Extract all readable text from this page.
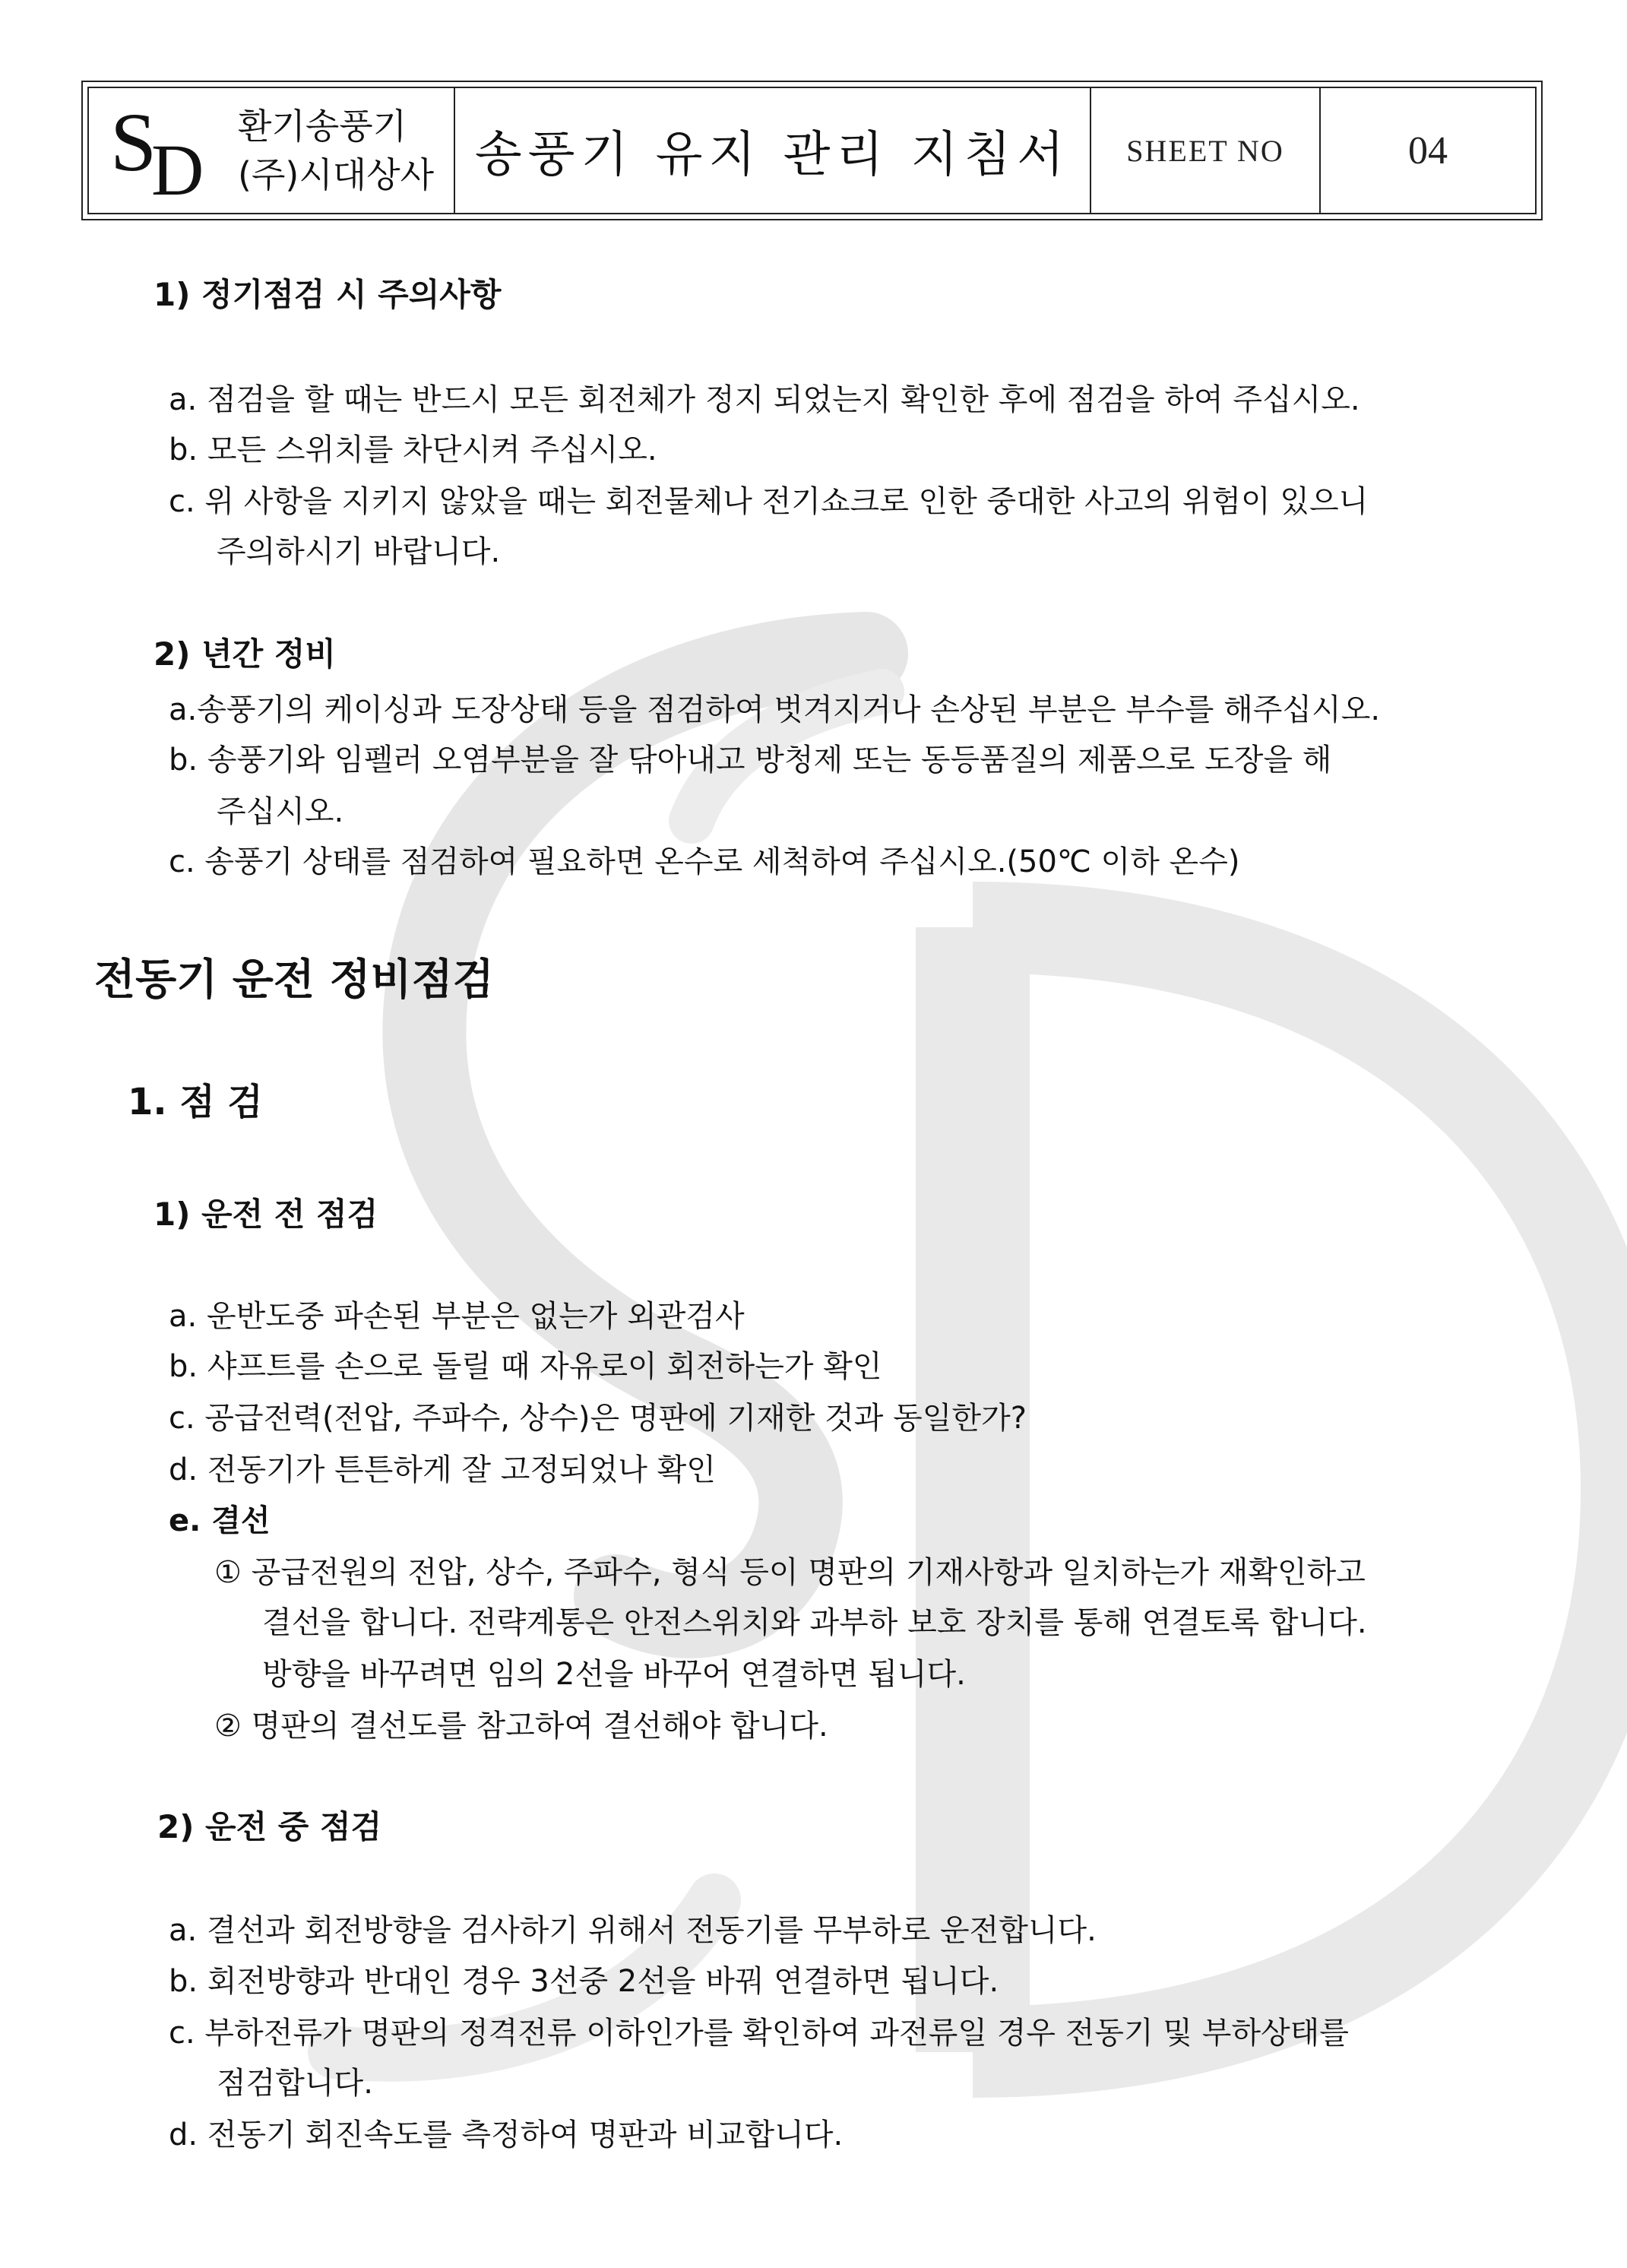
S
D
환기송풍기
(주)시대상사 송풍기 유지 관리 지침서 SHEET NO	04
1) 정기점검 시 주의사항
a. 점검을 할 때는 반드시 모든 회전체가 정지 되었는지 확인한 후에 점검을 하여 주십시오.
b. 모든 스위치를 차단시켜 주십시오.
c. 위 사항을 지키지 않았을 때는 회전물체나 전기쇼크로 인한 중대한 사고의 위험이 있으니
주의하시기 바랍니다.
2) 년간 정비
a.송풍기의 케이싱과 도장상태 등을 점검하여 벗겨지거나 손상된 부분은 부수를 해주십시오.
b. 송풍기와 임펠러 오염부분을 잘 닦아내고 방청제 또는 동등품질의 제품으로 도장을 해
주십시오.
c. 송풍기 상태를 점검하여 필요하면 온수로 세척하여 주십시오.(50℃ 이하 온수)
전동기 운전 정비점검
1. 점 검
1) 운전 전 점검
a. 운반도중 파손된 부분은 없는가 외관검사
b. 샤프트를 손으로 돌릴 때 자유로이 회전하는가 확인
c. 공급전력(전압, 주파수, 상수)은 명판에 기재한 것과 동일한가?
d. 전동기가 튼튼하게 잘 고정되었나 확인
e. 결선
① 공급전원의 전압, 상수, 주파수, 형식 등이 명판의 기재사항과 일치하는가 재확인하고
결선을 합니다. 전략계통은 안전스위치와 과부하 보호 장치를 통해 연결토록 합니다.
방향을 바꾸려면 임의 2선을 바꾸어 연결하면 됩니다.
② 명판의 결선도를 참고하여 결선해야 합니다.
2) 운전 중 점검
a. 결선과 회전방향을 검사하기 위해서 전동기를 무부하로 운전합니다.
b. 회전방향과 반대인 경우 3선중 2선을 바꿔 연결하면 됩니다.
c. 부하전류가 명판의 정격전류 이하인가를 확인하여 과전류일 경우 전동기 및 부하상태를
점검합니다.
d. 전동기 회진속도를 측정하여 명판과 비교합니다.
